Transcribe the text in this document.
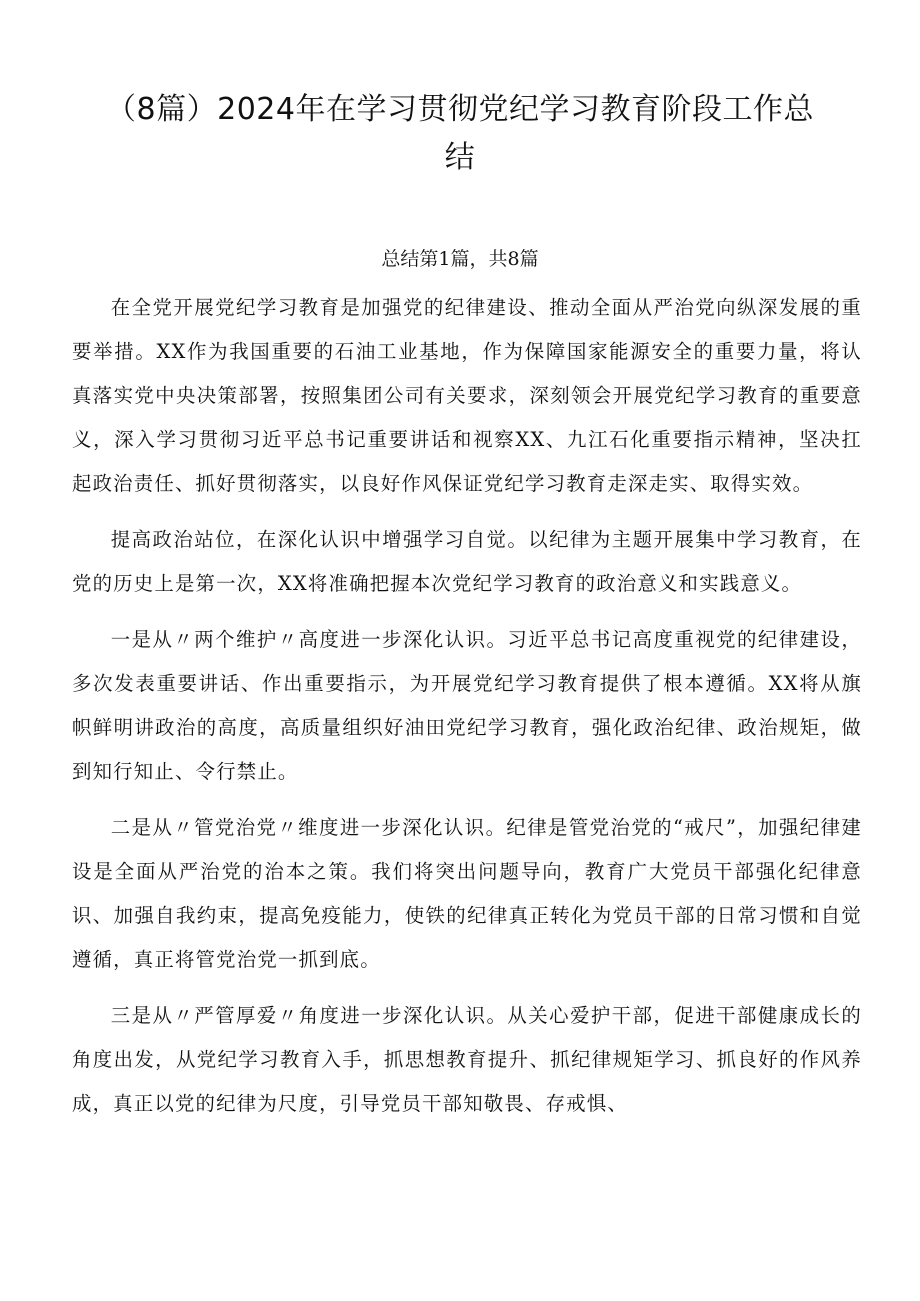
（8篇）2024年在学习贯彻党纪学习教育阶段工作总结
总结第1篇，共8篇

在全党开展党纪学习教育是加强党的纪律建设、推动全面从严治党向纵深发展的重要举措。XX作为我国重要的石油工业基地，作为保障国家能源安全的重要力量，将认真落实党中央决策部署，按照集团公司有关要求，深刻领会开展党纪学习教育的重要意义，深入学习贯彻习近平总书记重要讲话和视察XX、九江石化重要指示精神，坚决扛起政治责任、抓好贯彻落实，以良好作风保证党纪学习教育走深走实、取得实效。

提高政治站位，在深化认识中增强学习自觉。以纪律为主题开展集中学习教育，在党的历史上是第一次，XX将准确把握本次党纪学习教育的政治意义和实践意义。

一是从〃两个维护〃高度进一步深化认识。习近平总书记高度重视党的纪律建设，多次发表重要讲话、作出重要指示，为开展党纪学习教育提供了根本遵循。XX将从旗帜鲜明讲政治的高度，高质量组织好油田党纪学习教育，强化政治纪律、政治规矩，做到知行知止、令行禁止。

二是从〃管党治党〃维度进一步深化认识。纪律是管党治党的“戒尺”，加强纪律建设是全面从严治党的治本之策。我们将突出问题导向，教育广大党员干部强化纪律意识、加强自我约束，提高免疫能力，使铁的纪律真正转化为党员干部的日常习惯和自觉遵循，真正将管党治党一抓到底。

三是从〃严管厚爱〃角度进一步深化认识。从关心爱护干部，促进干部健康成长的角度出发，从党纪学习教育入手，抓思想教育提升、抓纪律规矩学习、抓良好的作风养成，真正以党的纪律为尺度，引导党员干部知敬畏、存戒惧、
